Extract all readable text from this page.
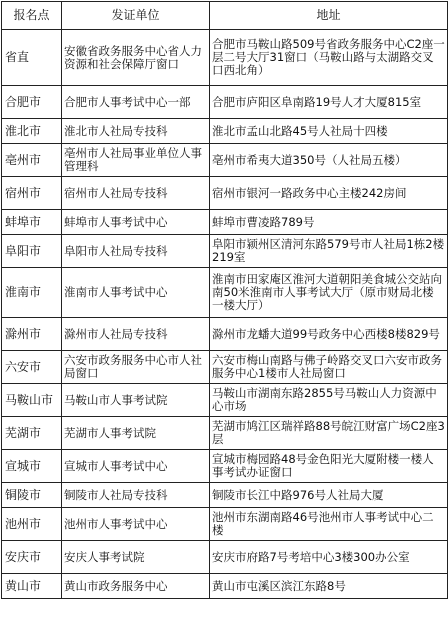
报名点	发证单位	地址
省直	安徽省政务服务中心省人力资源和社会保障厅窗口	合肥市马鞍山路509号省政务服务中心C2座一层二号大厅31窗口（马鞍山路与太湖路交叉口西北角）
合肥市	合肥市人事考试中心一部	合肥市庐阳区阜南路19号人才大厦815室
淮北市	淮北市人社局专技科	淮北市孟山北路45号人社局十四楼
亳州市	亳州市人社局事业单位人事管理科	亳州市希夷大道350号（人社局五楼）
宿州市	宿州市人社局专技科	宿州市银河一路政务中心主楼242房间
蚌埠市	蚌埠市人事考试中心	蚌埠市曹凌路789号
阜阳市	阜阳市人社局专技科	阜阳市颍州区清河东路579号市人社局1栋2楼219室
淮南市	淮南市人事考试中心	淮南市田家庵区淮河大道朝阳美食城公交站向南50米淮南市人事考试大厅（原市财局北楼一楼大厅）
滁州市	滁州市人社局专技科	滁州市龙蟠大道99号政务中心西楼8楼829号
六安市	六安市政务服务中心市人社局窗口	六安市梅山南路与佛子岭路交叉口六安市政务服务中心1楼市人社局窗口
马鞍山市	马鞍山市人事考试院	马鞍山市湖南东路2855号马鞍山人力资源中心市场
芜湖市	芜湖市人事考试院	芜湖市鸠江区瑞祥路88号皖江财富广场C2座3层
宣城市	宣城市人事考试中心	宣城市梅园路48号金色阳光大厦附楼一楼人事考试办证窗口
铜陵市	铜陵市人社局专技科	铜陵市长江中路976号人社局大厦
池州市	池州市人事考试中心	池州市东湖南路46号池州市人事考试中心二楼
安庆市	安庆人事考试院	安庆市府路7号考培中心3楼300办公室
黄山市	黄山市政务服务中心	黄山市屯溪区滨江东路8号
